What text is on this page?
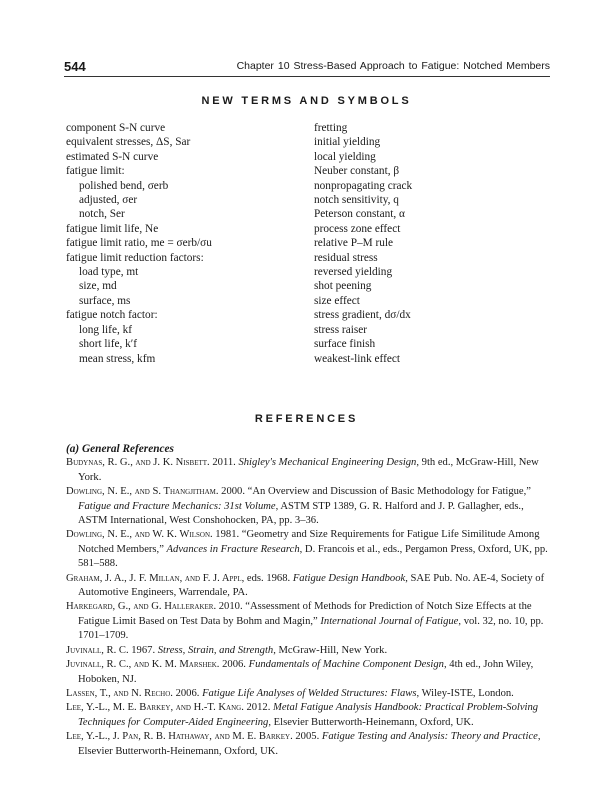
544	Chapter 10 Stress-Based Approach to Fatigue: Notched Members
NEW TERMS AND SYMBOLS
component S-N curve
equivalent stresses, ΔS, Sar
estimated S-N curve
fatigue limit:
polished bend, σerb
adjusted, σer
notch, Ser
fatigue limit life, Ne
fatigue limit ratio, me = σerb/σu
fatigue limit reduction factors:
load type, mt
size, md
surface, ms
fatigue notch factor:
long life, kf
short life, k′f
mean stress, kfm
fretting
initial yielding
local yielding
Neuber constant, β
nonpropagating crack
notch sensitivity, q
Peterson constant, α
process zone effect
relative P–M rule
residual stress
reversed yielding
shot peening
size effect
stress gradient, dσ/dx
stress raiser
surface finish
weakest-link effect
REFERENCES
(a) General References
Budynas, R. G., and J. K. Nisbett. 2011. Shigley's Mechanical Engineering Design, 9th ed., McGraw-Hill, New York.
Dowling, N. E., and S. Thangjitham. 2000. “An Overview and Discussion of Basic Methodology for Fatigue,” Fatigue and Fracture Mechanics: 31st Volume, ASTM STP 1389, G. R. Halford and J. P. Gallagher, eds., ASTM International, West Conshohocken, PA, pp. 3–36.
Dowling, N. E., and W. K. Wilson. 1981. “Geometry and Size Requirements for Fatigue Life Similitude Among Notched Members,” Advances in Fracture Research, D. Francois et al., eds., Pergamon Press, Oxford, UK, pp. 581–588.
Graham, J. A., J. F. Millan, and F. J. Appl, eds. 1968. Fatigue Design Handbook, SAE Pub. No. AE-4, Society of Automotive Engineers, Warrendale, PA.
Harkegard, G., and G. Halleraker. 2010. “Assessment of Methods for Prediction of Notch Size Effects at the Fatigue Limit Based on Test Data by Bohm and Magin,” International Journal of Fatigue, vol. 32, no. 10, pp. 1701–1709.
Juvinall, R. C. 1967. Stress, Strain, and Strength, McGraw-Hill, New York.
Juvinall, R. C., and K. M. Marshek. 2006. Fundamentals of Machine Component Design, 4th ed., John Wiley, Hoboken, NJ.
Lassen, T., and N. Recho. 2006. Fatigue Life Analyses of Welded Structures: Flaws, Wiley-ISTE, London.
Lee, Y.-L., M. E. Barkey, and H.-T. Kang. 2012. Metal Fatigue Analysis Handbook: Practical Problem-Solving Techniques for Computer-Aided Engineering, Elsevier Butterworth-Heinemann, Oxford, UK.
Lee, Y.-L., J. Pan, R. B. Hathaway, and M. E. Barkey. 2005. Fatigue Testing and Analysis: Theory and Practice, Elsevier Butterworth-Heinemann, Oxford, UK.
